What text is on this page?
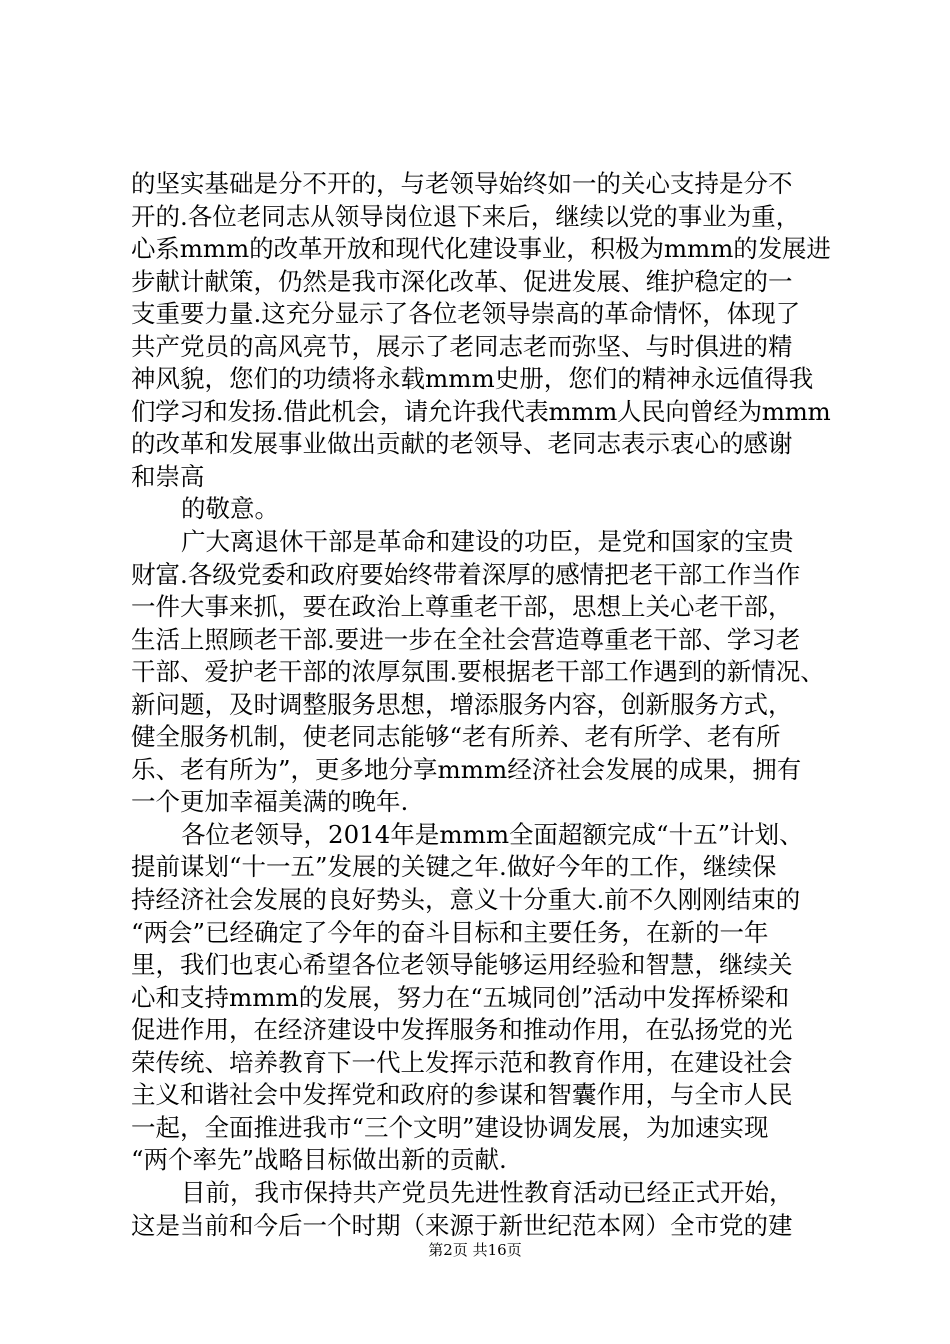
的坚实基础是分不开的，与老领导始终如一的关心支持是分不
开的.各位老同志从领导岗位退下来后，继续以党的事业为重，
心系mmm的改革开放和现代化建设事业，积极为mmm的发展进
步献计献策，仍然是我市深化改革、促进发展、维护稳定的一
支重要力量.这充分显示了各位老领导崇高的革命情怀，体现了
共产党员的高风亮节，展示了老同志老而弥坚、与时俱进的精
神风貌，您们的功绩将永载mmm史册，您们的精神永远值得我
们学习和发扬.借此机会，请允许我代表mmm人民向曾经为mmm
的改革和发展事业做出贡献的老领导、老同志表示衷心的感谢
和崇高
的敬意。
广大离退休干部是革命和建设的功臣，是党和国家的宝贵
财富.各级党委和政府要始终带着深厚的感情把老干部工作当作
一件大事来抓，要在政治上尊重老干部，思想上关心老干部，
生活上照顾老干部.要进一步在全社会营造尊重老干部、学习老
干部、爱护老干部的浓厚氛围.要根据老干部工作遇到的新情况、
新问题，及时调整服务思想，增添服务内容，创新服务方式，
健全服务机制，使老同志能够“老有所养、老有所学、老有所
乐、老有所为”，更多地分享mmm经济社会发展的成果，拥有
一个更加幸福美满的晚年.
各位老领导，2014年是mmm全面超额完成“十五”计划、
提前谋划“十一五”发展的关键之年.做好今年的工作，继续保
持经济社会发展的良好势头，意义十分重大.前不久刚刚结束的
“两会”已经确定了今年的奋斗目标和主要任务，在新的一年
里，我们也衷心希望各位老领导能够运用经验和智慧，继续关
心和支持mmm的发展，努力在“五城同创”活动中发挥桥梁和
促进作用，在经济建设中发挥服务和推动作用，在弘扬党的光
荣传统、培养教育下一代上发挥示范和教育作用，在建设社会
主义和谐社会中发挥党和政府的参谋和智囊作用，与全市人民
一起，全面推进我市“三个文明”建设协调发展，为加速实现
“两个率先”战略目标做出新的贡献.
目前，我市保持共产党员先进性教育活动已经正式开始，
这是当前和今后一个时期（来源于新世纪范本网）全市党的建
第2页 共16页
